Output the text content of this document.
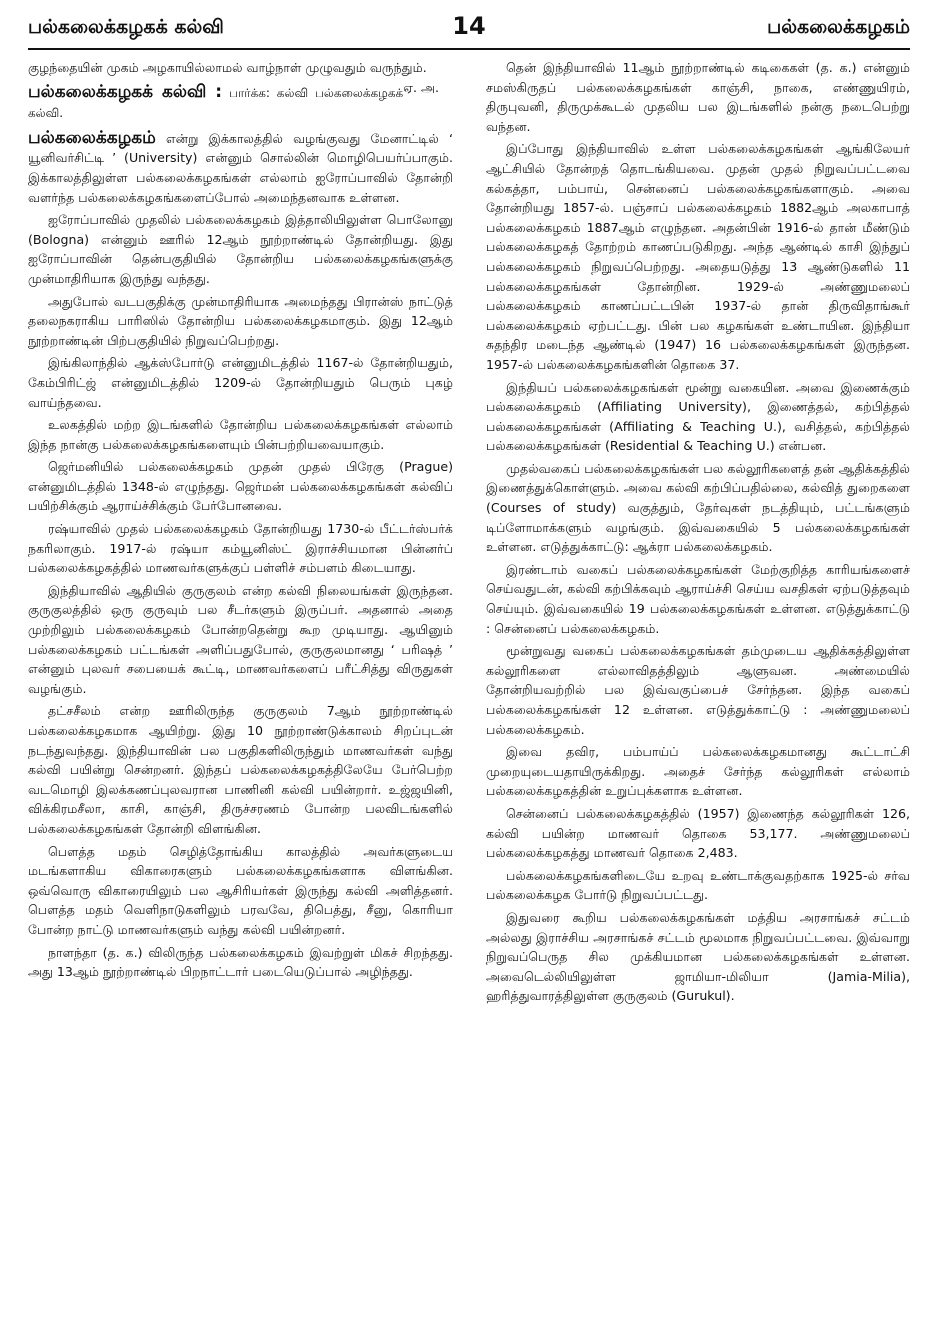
பல்கலைக்கழகக் கல்வி	14	பல்கலைக்கழகம்

குழந்தையின் முகம் அழகாயில்லாமல் வாழ்நாள் முழுவதும் வருந்தும்.
ஏ. அ.

பல்கலைக்கழகக் கல்வி : பார்க்க: கல்வி பல்கலைக்கழகக் கல்வி.
பல்கலைக்கழகம் என்று இக்காலத்தில் வழங்குவது மேனாட்டில் ‘ யூனிவர்சிட்டி ’ (University) என்னும் சொல்லின் மொழிபெயர்ப்பாகும். இக்காலத்திலுள்ள பல்கலைக்கழகங்கள் எல்லாம் ஐரோப்பாவில் தோன்றி வளர்ந்த பல்கலைக்கழகங்களைப்போல் அமைந்தனவாக உள்ளன.

ஐரோப்பாவில் முதலில் பல்கலைக்கழகம் இத்தாலியிலுள்ள பொலோனு (Bologna) என்னும் ஊரில் 12ஆம் நூற்றாண்டில் தோன்றியது. இது ஐரோப்பாவின் தென்பகுதியில் தோன்றிய பல்கலைக்கழகங்களுக்கு முன்மாதிரியாக இருந்து வந்தது.

அதுபோல் வடபகுதிக்கு முன்மாதிரியாக அமைந்தது பிரான்ஸ் நாட்டுத் தலைநகராகிய பாரிஸில் தோன்றிய பல்கலைக்கழகமாகும். இது 12ஆம் நூற்றாண்டின் பிற்பகுதியில் நிறுவப்பெற்றது.

இங்கிலாந்தில் ஆக்ஸ்போர்டு என்னுமிடத்தில் 1167-ல் தோன்றியதும், கேம்பிரிட்ஜ் என்னுமிடத்தில் 1209-ல் தோன்றியதும் பெரும் புகழ் வாய்ந்தவை.

உலகத்தில் மற்ற இடங்களில் தோன்றிய பல்கலைக்கழகங்கள் எல்லாம் இந்த நான்கு பல்கலைக்கழகங்களையும் பின்பற்றியவையாகும்.

ஜெர்மனியில் பல்கலைக்கழகம் முதன் முதல் பிரேகு (Prague) என்னுமிடத்தில் 1348-ல் எழுந்தது. ஜெர்மன் பல்கலைக்கழகங்கள் கல்விப் பயிற்சிக்கும் ஆராய்ச்சிக்கும் பேர்போனவை.

ரஷ்யாவில் முதல் பல்கலைக்கழகம் தோன்றியது 1730-ல் பீட்டர்ஸ்பர்க் நகரிலாகும். 1917-ல் ரஷ்யா கம்யூனிஸ்ட் இராச்சியமான பின்னர்ப் பல்கலைக்கழகத்தில் மாணவர்களுக்குப் பள்ளிச் சம்பளம் கிடையாது.

இந்தியாவில் ஆதியில் குருகுலம் என்ற கல்வி நிலையங்கள் இருந்தன. குருகுலத்தில் ஒரு குருவும் பல சீடர்களும் இருப்பர். அதனால் அதை முற்றிலும் பல்கலைக்கழகம் போன்றதென்று கூற முடியாது. ஆயினும் பல்கலைக்கழகம் பட்டங்கள் அளிப்பதுபோல், குருகுலமானது ‘ பரிஷத் ’ என்னும் புலவர் சபையைக் கூட்டி, மாணவர்களைப் பரீட்சித்து விருதுகள் வழங்கும்.

தட்சசீலம் என்ற ஊரிலிருந்த குருகுலம் 7ஆம் நூற்றாண்டில் பல்கலைக்கழகமாக ஆயிற்று. இது 10 நூற்றாண்டுக்காலம் சிறப்புடன் நடந்துவந்தது. இந்தியாவின் பல பகுதிகளிலிருந்தும் மாணவர்கள் வந்து கல்வி பயின்று சென்றனர். இந்தப் பல்கலைக்கழகத்திலேயே பேர்பெற்ற வடமொழி இலக்கணப்புலவரான பாணினி கல்வி பயின்றார். உஜ்ஜயினி, விக்கிரமசீலா, காசி, காஞ்சி, திருச்சரணம் போன்ற பலவிடங்களில் பல்கலைக்கழகங்கள் தோன்றி விளங்கின.

பௌத்த மதம் செழித்தோங்கிய காலத்தில் அவர்களுடைய மடங்களாகிய விகாரைகளும் பல்கலைக்கழகங்களாக விளங்கின. ஒவ்வொரு விகாரையிலும் பல ஆசிரியர்கள் இருந்து கல்வி அளித்தனர். பௌத்த மதம் வெளிநாடுகளிலும் பரவவே, திபெத்து, சீனு, கொரியா போன்ற நாட்டு மாணவர்களும் வந்து கல்வி பயின்றனர்.

நாளந்தா (த. க.) விலிருந்த பல்கலைக்கழகம் இவற்றுள் மிகச் சிறந்தது. அது 13ஆம் நூற்றாண்டில் பிறநாட்டார் படையெடுப்பால் அழிந்தது.

தென் இந்தியாவில் 11ஆம் நூற்றாண்டில் கடிகைகள் (த. க.) என்னும் சமஸ்கிருதப் பல்கலைக்கழகங்கள் காஞ்சி, நாகை, எண்ணுயிரம், திருபுவனி, திருமுக்கூடல் முதலிய பல இடங்களில் நன்கு நடைபெற்று வந்தன.

இப்போது இந்தியாவில் உள்ள பல்கலைக்கழகங்கள் ஆங்கிலேயர் ஆட்சியில் தோன்றத் தொடங்கியவை. முதன் முதல் நிறுவப்பட்டவை கல்கத்தா, பம்பாய், சென்னைப் பல்கலைக்கழகங்களாகும். அவை தோன்றியது 1857-ல். பஞ்சாப் பல்கலைக்கழகம் 1882ஆம் அலகாபாத் பல்கலைக்கழகம் 1887ஆம் எழுந்தன. அதன்பின் 1916-ல் தான் மீண்டும் பல்கலைக்கழகத் தோற்றம் காணப்படுகிறது. அந்த ஆண்டில் காசி இந்துப் பல்கலைக்கழகம் நிறுவப்பெற்றது. அதையடுத்து 13 ஆண்டுகளில் 11 பல்கலைக்கழகங்கள் தோன்றின. 1929-ல் அண்ணுமலைப் பல்கலைக்கழகம் காணப்பட்டபின் 1937-ல் தான் திருவிதாங்கூர் பல்கலைக்கழகம் ஏற்பட்டது. பின் பல கழகங்கள் உண்டாயின. இந்தியா சுதந்திர மடைந்த ஆண்டில் (1947) 16 பல்கலைக்கழகங்கள் இருந்தன. 1957-ல் பல்கலைக்கழகங்களின் தொகை 37.

இந்தியப் பல்கலைக்கழகங்கள் மூன்று வகையின. அவை இணைக்கும் பல்கலைக்கழகம் (Affiliating University), இணைத்தல், கற்பித்தல் பல்கலைக்கழகங்கள் (Affiliating & Teaching U.), வசித்தல், கற்பித்தல் பல்கலைக்கழகங்கள் (Residential & Teaching U.) என்பன.

முதல்வகைப் பல்கலைக்கழகங்கள் பல கல்லூரிகளைத் தன் ஆதிக்கத்தில் இணைத்துக்கொள்ளும். அவை கல்வி கற்பிப்பதில்லை, கல்வித் துறைகளை (Courses of study) வகுத்தும், தேர்வுகள் நடத்தியும், பட்டங்களும் டிப்ளோமாக்களும் வழங்கும். இவ்வகையில் 5 பல்கலைக்கழகங்கள் உள்ளன. எடுத்துக்காட்டு: ஆக்ரா பல்கலைக்கழகம்.

இரண்டாம் வகைப் பல்கலைக்கழகங்கள் மேற்குறித்த காரியங்களைச் செய்வதுடன், கல்வி கற்பிக்கவும் ஆராய்ச்சி செய்ய வசதிகள் ஏற்படுத்தவும் செய்யும். இவ்வகையில் 19 பல்கலைக்கழகங்கள் உள்ளன. எடுத்துக்காட்டு : சென்னைப் பல்கலைக்கழகம்.

மூன்றுவது வகைப் பல்கலைக்கழகங்கள் தம்முடைய ஆதிக்கத்திலுள்ள கல்லூரிகளை எல்லாவிதத்திலும் ஆளுவன. அண்மையில் தோன்றியவற்றில் பல இவ்வகுப்பைச் சேர்ந்தன. இந்த வகைப் பல்கலைக்கழகங்கள் 12 உள்ளன. எடுத்துக்காட்டு : அண்ணுமலைப் பல்கலைக்கழகம்.

இவை தவிர, பம்பாய்ப் பல்கலைக்கழகமானது கூட்டாட்சி முறையுடையதாயிருக்கிறது. அதைச் சேர்ந்த கல்லூரிகள் எல்லாம் பல்கலைக்கழகத்தின் உறுப்புக்களாக உள்ளன.

சென்னைப் பல்கலைக்கழகத்தில் (1957) இணைந்த கல்லூரிகள் 126, கல்வி பயின்ற மாணவர் தொகை 53,177. அண்ணுமலைப் பல்கலைக்கழகத்து மாணவர் தொகை 2,483.

பல்கலைக்கழகங்களிடையே உறவு உண்டாக்குவதற்காக 1925-ல் சர்வ பல்கலைக்கழக போர்டு நிறுவப்பட்டது.

இதுவரை கூறிய பல்கலைக்கழகங்கள் மத்திய அரசாங்கச் சட்டம் அல்லது இராச்சிய அரசாங்கச் சட்டம் மூலமாக நிறுவப்பட்டவை. இவ்வாறு நிறுவப்பெருத சில முக்கியமான பல்கலைக்கழகங்கள் உள்ளன. அவைடெல்லியிலுள்ள ஜாமியா-மிலியா (Jamia-Milia), ஹரித்துவாரத்திலுள்ள குருகுலம் (Gurukul).
